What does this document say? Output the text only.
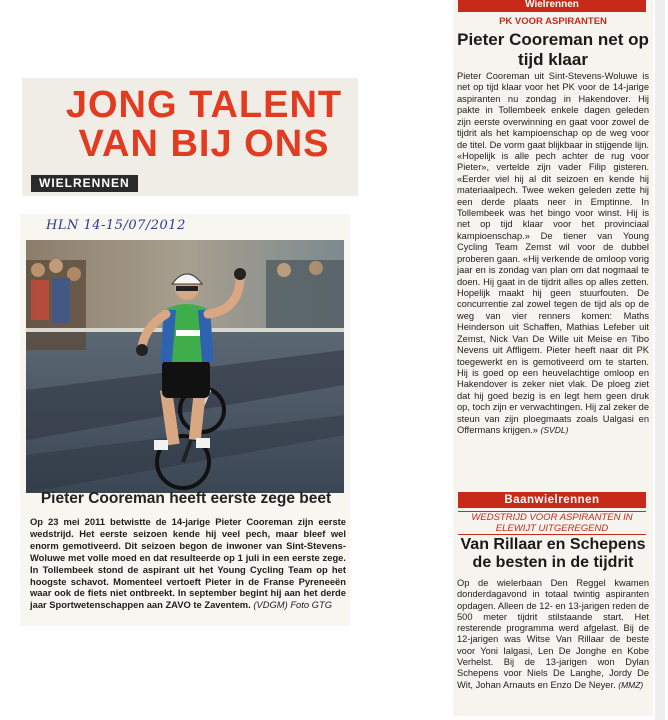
JONG TALENT VAN BIJ ONS
WIELRENNEN
HLN 14-15/07/2012
Pieter Cooreman heeft eerste zege beet
Op 23 mei 2011 betwistte de 14-jarige Pieter Cooreman zijn eerste wedstrijd. Het eerste seizoen kende hij veel pech, maar bleef wel enorm gemotiveerd. Dit seizoen begon de inwoner van Sint-Stevens-Woluwe met volle moed en dat resulteerde op 1 juli in een eerste zege. In Tollembeek stond de aspirant uit het Young Cycling Team op het hoogste schavot. Momenteel vertoeft Pieter in de Franse Pyreneeën waar ook de fiets niet ontbreekt. In september begint hij aan het derde jaar Sportwetenschappen aan ZAVO te Zaventem. (VDGM) Foto GTG
Wielrennen
PK VOOR ASPIRANTEN
Pieter Cooreman net op tijd klaar
Pieter Cooreman uit Sint-Stevens-Woluwe is net op tijd klaar voor het PK voor de 14-jarige aspiranten nu zondag in Hakendover. Hij pakte in Tollembeek enkele dagen geleden zijn eerste overwinning en gaat voor zowel de tijdrit als het kampioenschap op de weg voor de titel. De vorm gaat blijkbaar in stijgende lijn. «Hopelijk is alle pech achter de rug voor Pieter», vertelde zijn vader Filip gisteren. «Eerder viel hij al dit seizoen en kende hij materiaalpech. Twee weken geleden zette hij een derde plaats neer in Emptinne. In Tollembeek was het bingo voor winst. Hij is net op tijd klaar voor het provinciaal kampioenschap.» De tiener van Young Cycling Team Zemst wil voor de dubbel proberen gaan. «Hij verkende de omloop vorig jaar en is zondag van plan om dat nogmaal te doen. Hij gaat in de tijdrit alles op alles zetten. Hopelijk maakt hij geen stuurfouten. De concurrentie zal zowel tegen de tijd als op de weg van vier renners komen: Maths Heinderson uit Schaffen, Mathias Lefeber uit Zemst, Nick Van De Wille uit Meise en Tibo Nevens uit Affligem. Pieter heeft naar dit PK toegewerkt en is gemotiveerd om te starten. Hij is goed op een heuvelachtige omloop en Hakendover is zeker niet vlak. De ploeg ziet dat hij goed bezig is en legt hem geen druk op, toch zijn er verwachtingen. Hij zal zeker de steun van zijn ploegmaats zoals Ualgasi en Offermans krijgen.» (SVDL)
Baanwielrennen
WEDSTRIJD VOOR ASPIRANTEN IN ELEWIJT UITGEREGEND
Van Rillaar en Schepens de besten in de tijdrit
Op de wielerbaan Den Reggel kwamen donderdagavond in totaal twintig aspiranten opdagen. Alleen de 12- en 13-jarigen reden de 500 meter tijdrit stilstaande start. Het resterende programma werd afgelast. Bij de 12-jarigen was Witse Van Rillaar de beste voor Yoni Ialgasi, Len De Jonghe en Kobe Verhelst. Bij de 13-jarigen won Dylan Schepens voor Niels De Langhe, Jordy De Wit, Johan Arnauts en Enzo De Neyer. (MMZ)
